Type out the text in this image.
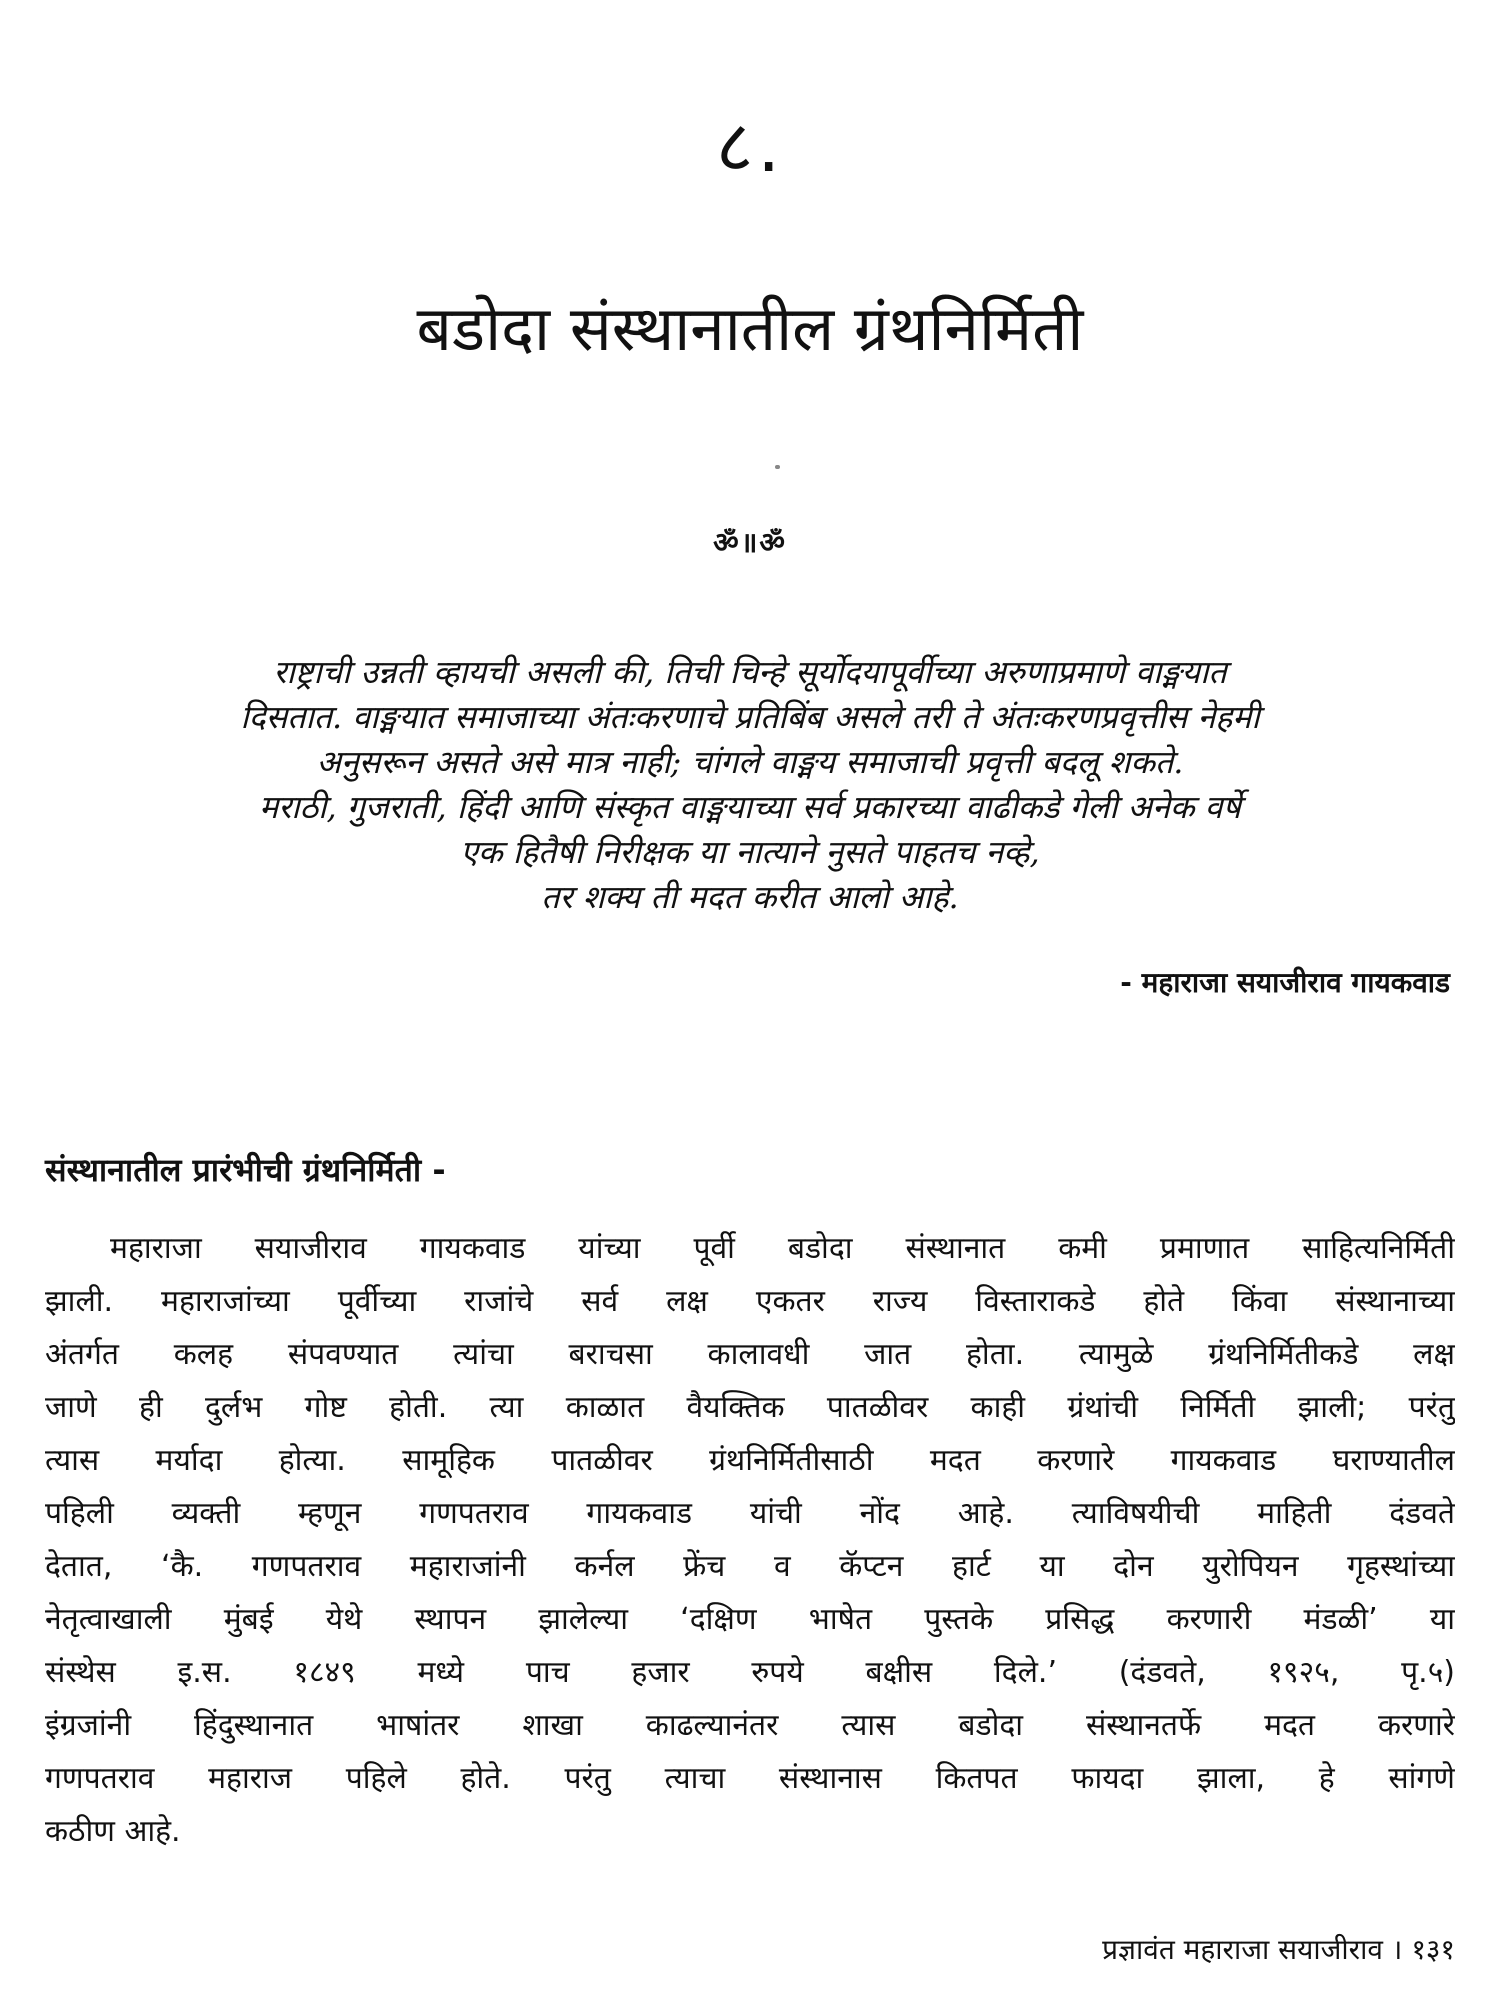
८.
बडोदा संस्थानातील ग्रंथनिर्मिती
ॐ॥ॐ
राष्ट्राची उन्नती व्हायची असली की, तिची चिन्हे सूर्योदयापूर्वीच्या अरुणाप्रमाणे वाङ्मयात
दिसतात. वाङ्मयात समाजाच्या अंतःकरणाचे प्रतिबिंब असले तरी ते अंतःकरणप्रवृत्तीस नेहमी
अनुसरून असते असे मात्र नाही; चांगले वाङ्मय समाजाची प्रवृत्ती बदलू शकते.
मराठी, गुजराती, हिंदी आणि संस्कृत वाङ्मयाच्या सर्व प्रकारच्या वाढीकडे गेली अनेक वर्षे
एक हितैषी निरीक्षक या नात्याने नुसते पाहतच नव्हे,
तर शक्य ती मदत करीत आलो आहे.
- महाराजा सयाजीराव गायकवाड
संस्थानातील प्रारंभीची ग्रंथनिर्मिती -
महाराजा सयाजीराव गायकवाड यांच्या पूर्वी बडोदा संस्थानात कमी प्रमाणात साहित्यनिर्मिती
झाली. महाराजांच्या पूर्वीच्या राजांचे सर्व लक्ष एकतर राज्य विस्ताराकडे होते किंवा संस्थानाच्या
अंतर्गत कलह संपवण्यात त्यांचा बराचसा कालावधी जात होता. त्यामुळे ग्रंथनिर्मितीकडे लक्ष
जाणे ही दुर्लभ गोष्ट होती. त्या काळात वैयक्तिक पातळीवर काही ग्रंथांची निर्मिती झाली; परंतु
त्यास मर्यादा होत्या. सामूहिक पातळीवर ग्रंथनिर्मितीसाठी मदत करणारे गायकवाड घराण्यातील
पहिली व्यक्ती म्हणून गणपतराव गायकवाड यांची नोंद आहे. त्याविषयीची माहिती दंडवते
देतात, ‘कै. गणपतराव महाराजांनी कर्नल फ्रेंच व कॅप्टन हार्ट या दोन युरोपियन गृहस्थांच्या
नेतृत्वाखाली मुंबई येथे स्थापन झालेल्या ‘दक्षिण भाषेत पुस्तके प्रसिद्ध करणारी मंडळी’ या
संस्थेस इ.स. १८४९ मध्ये पाच हजार रुपये बक्षीस दिले.’ (दंडवते, १९२५, पृ.५)
इंग्रजांनी हिंदुस्थानात भाषांतर शाखा काढल्यानंतर त्यास बडोदा संस्थानतर्फे मदत करणारे
गणपतराव महाराज पहिले होते. परंतु त्याचा संस्थानास कितपत फायदा झाला, हे सांगणे
कठीण आहे.
प्रज्ञावंत महाराजा सयाजीराव । १३१
